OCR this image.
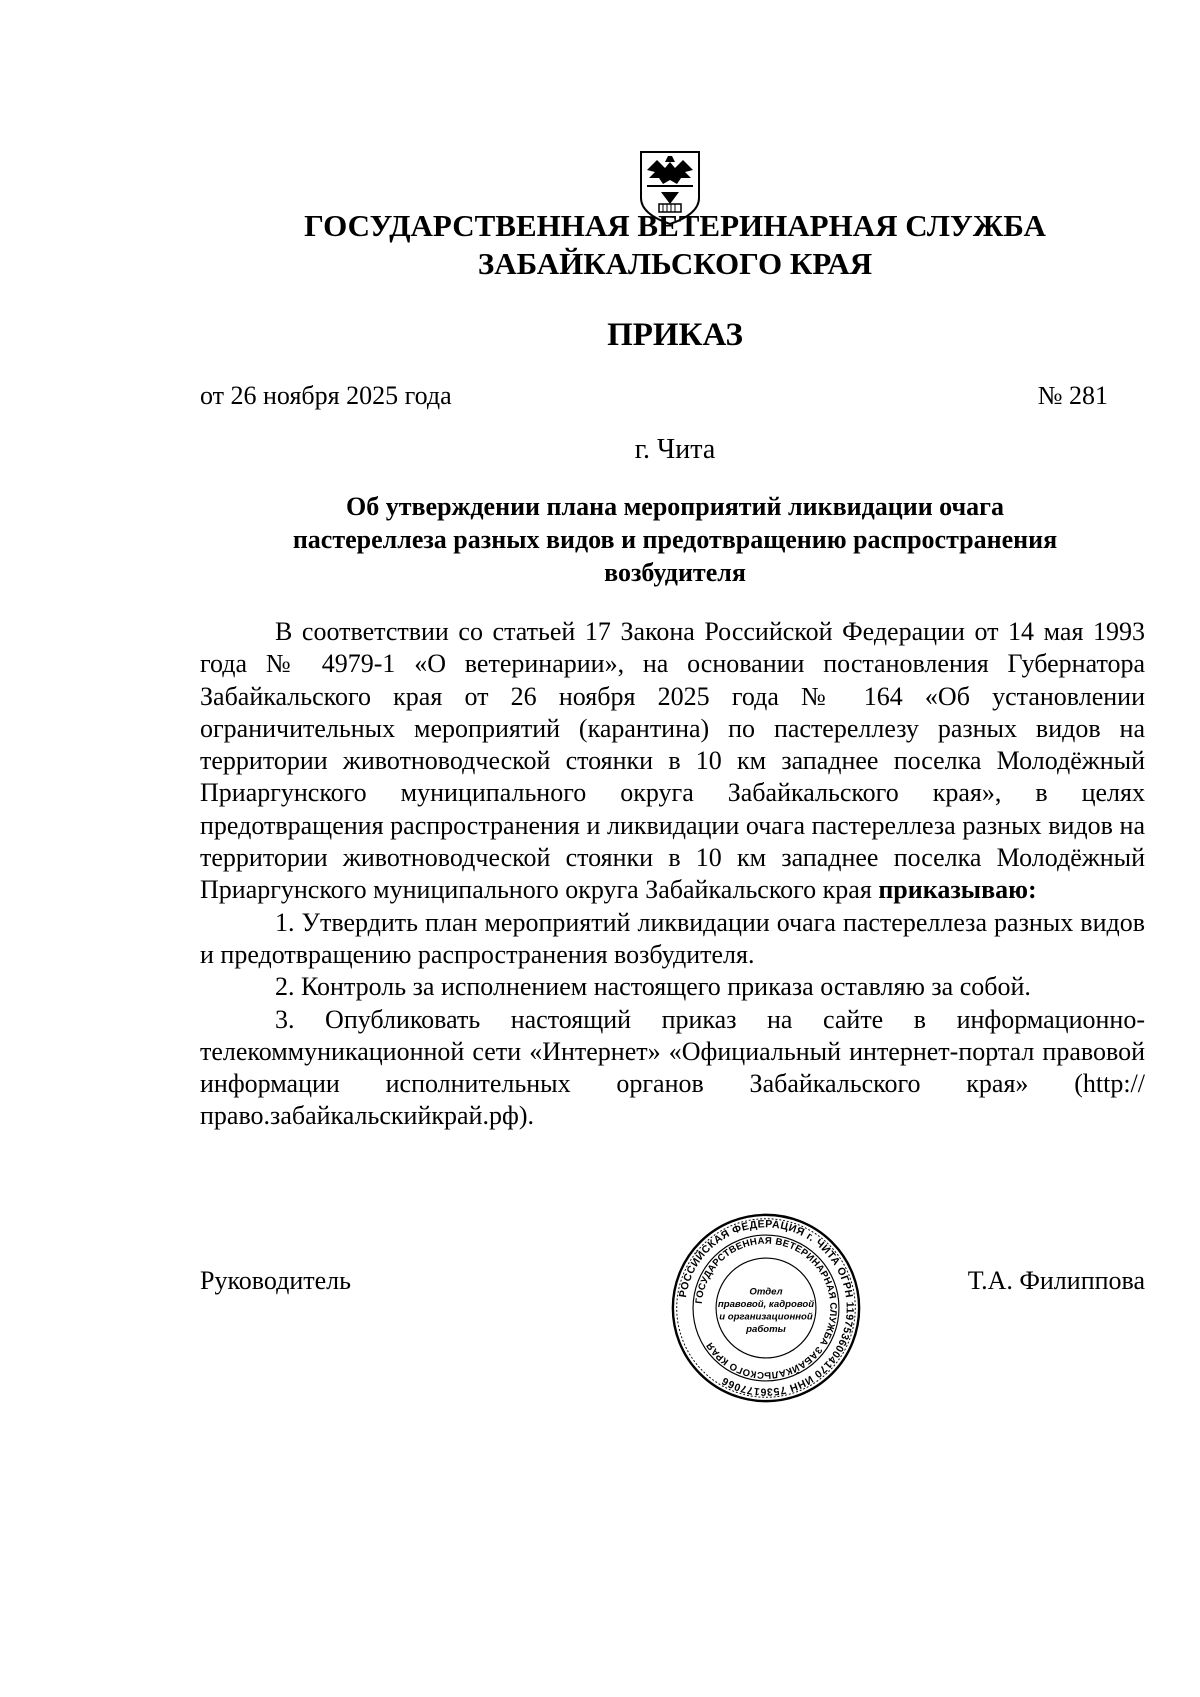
ГОСУДАРСТВЕННАЯ ВЕТЕРИНАРНАЯ СЛУЖБА
ЗАБАЙКАЛЬСКОГО КРАЯ
ПРИКАЗ
от 26 ноября 2025 года	№ 281
г. Чита
Об утверждении плана мероприятий ликвидации очага
пастереллеза разных видов и предотвращению распространения
возбудителя

В соответствии со статьей 17 Закона Российской Федерации от 14 мая 1993 года № 4979-1 «О ветеринарии», на основании постановления Губернатора Забайкальского края от 26 ноября 2025 года № 164 «Об установлении ограничительных мероприятий (карантина) по пастереллезу разных видов на территории животноводческой стоянки в 10 км западнее поселка Молодёжный Приаргунского муниципального округа Забайкальского края», в целях предотвращения распространения и ликвидации очага пастереллеза разных видов на территории животноводческой стоянки в 10 км западнее поселка Молодёжный Приаргунского муниципального округа Забайкальского края приказываю:

1. Утвердить план мероприятий ликвидации очага пастереллеза разных видов и предотвращению распространения возбудителя.

2. Контроль за исполнением настоящего приказа оставляю за собой.

3. Опубликовать настоящий приказ на сайте в информационно-телекоммуникационной сети «Интернет» «Официальный интернет-портал правовой информации исполнительных органов Забайкальского края» (http://право.забайкальскийкрай.рф).

Руководитель	Т.А. Филиппова
РОССИЙСКАЯ ФЕДЕРАЦИЯ г. ЧИТА ОГРН 1197536004170 ИНН 7536177066
ГОСУДАРСТВЕННАЯ ВЕТЕРИНАРНАЯ СЛУЖБА ЗАБАЙКАЛЬСКОГО КРАЯ
Отдел
правовой, кадровой
и организационной
работы
